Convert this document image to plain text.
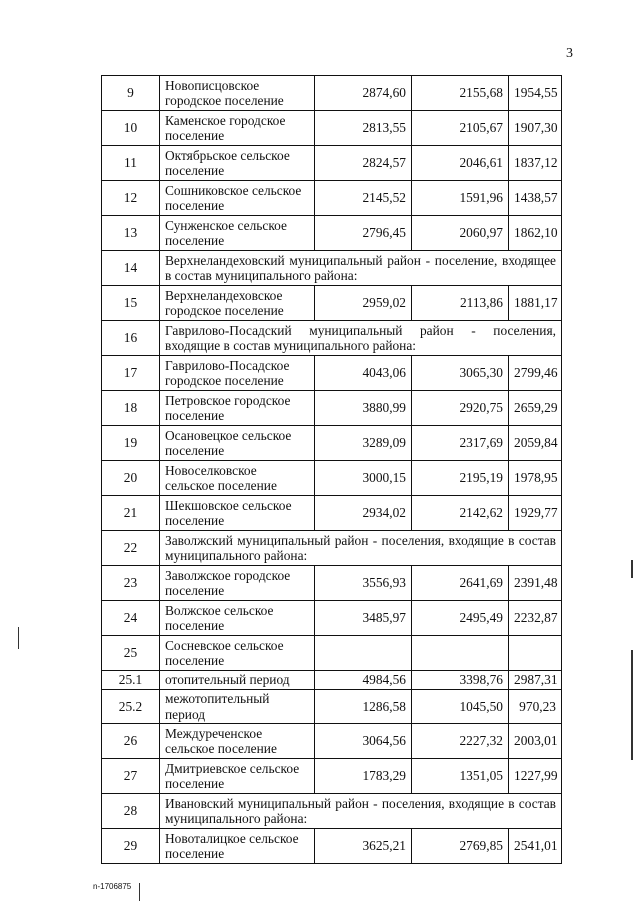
3
9	Новописцовское городское поселение	2874,60	2155,68	1954,55
10	Каменское городское поселение	2813,55	2105,67	1907,30
11	Октябрьское сельское поселение	2824,57	2046,61	1837,12
12	Сошниковское сельское поселение	2145,52	1591,96	1438,57
13	Сунженское сельское поселение	2796,45	2060,97	1862,10
14	Верхнеландеховский муниципальный район - поселение, входящее в состав муниципального района:			
15	Верхнеландеховское городское поселение	2959,02	2113,86	1881,17
16	Гаврилово-Посадский муниципальный район - поселения, входящие в состав муниципального района:			
17	Гаврилово-Посадское городское поселение	4043,06	3065,30	2799,46
18	Петровское городское поселение	3880,99	2920,75	2659,29
19	Осановецкое сельское поселение	3289,09	2317,69	2059,84
20	Новоселковское сельское поселение	3000,15	2195,19	1978,95
21	Шекшовское сельское поселение	2934,02	2142,62	1929,77
22	Заволжский муниципальный район - поселения, входящие в состав муниципального района:			
23	Заволжское городское поселение	3556,93	2641,69	2391,48
24	Волжское сельское поселение	3485,97	2495,49	2232,87
25	Сосневское сельское поселение			
25.1	отопительный период	4984,56	3398,76	2987,31
25.2	межотопительный период	1286,58	1045,50	970,23
26	Междуреченское сельское поселение	3064,56	2227,32	2003,01
27	Дмитриевское сельское поселение	1783,29	1351,05	1227,99
28	Ивановский муниципальный район - поселения, входящие в состав муниципального района:			
29	Новоталицкое сельское поселение	3625,21	2769,85	2541,01
n-1706875
